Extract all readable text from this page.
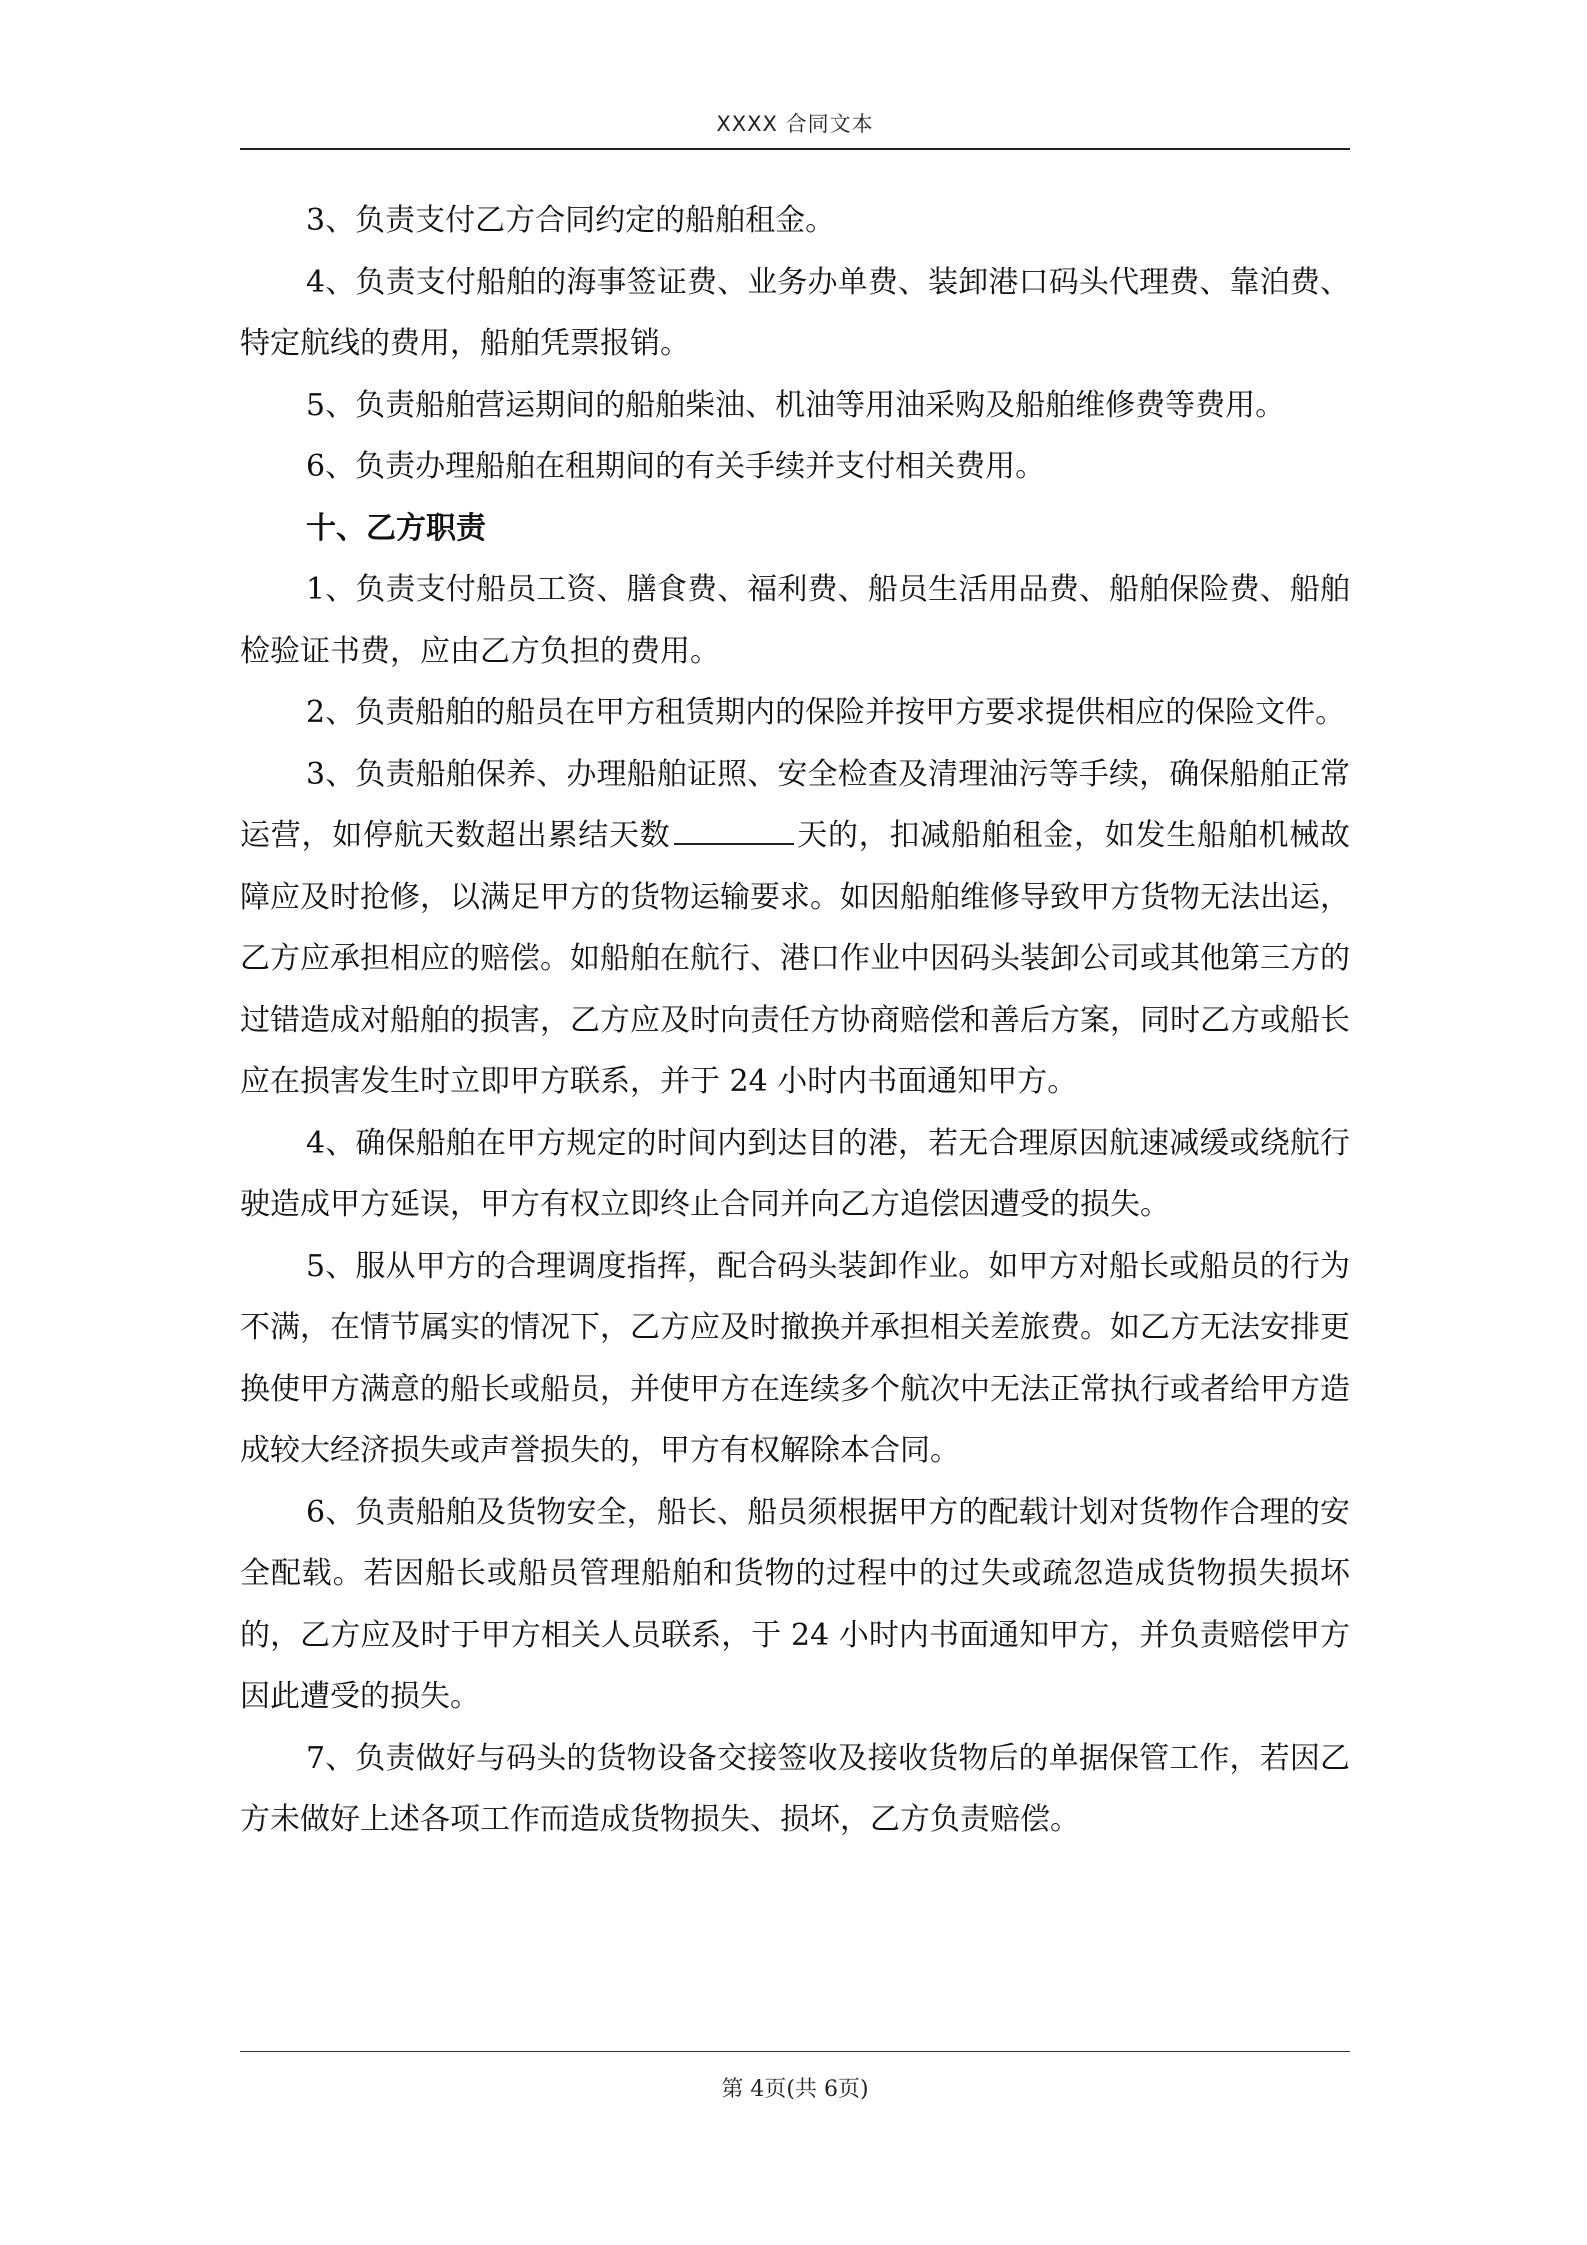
XXXX 合同文本

3、负责支付乙方合同约定的船舶租金。

4、负责支付船舶的海事签证费、业务办单费、装卸港口码头代理费、靠泊费、特定航线的费用，船舶凭票报销。

5、负责船舶营运期间的船舶柴油、机油等用油采购及船舶维修费等费用。

6、负责办理船舶在租期间的有关手续并支付相关费用。

十、乙方职责

1、负责支付船员工资、膳食费、福利费、船员生活用品费、船舶保险费、船舶检验证书费，应由乙方负担的费用。

2、负责船舶的船员在甲方租赁期内的保险并按甲方要求提供相应的保险文件。

3、负责船舶保养、办理船舶证照、安全检查及清理油污等手续，确保船舶正常运营，如停航天数超出累结天数	天的，扣减船舶租金，如发生船舶机械故障应及时抢修，以满足甲方的货物运输要求。如因船舶维修导致甲方货物无法出运，乙方应承担相应的赔偿。如船舶在航行、港口作业中因码头装卸公司或其他第三方的过错造成对船舶的损害，乙方应及时向责任方协商赔偿和善后方案，同时乙方或船长应在损害发生时立即甲方联系，并于 24 小时内书面通知甲方。

4、确保船舶在甲方规定的时间内到达目的港，若无合理原因航速减缓或绕航行驶造成甲方延误，甲方有权立即终止合同并向乙方追偿因遭受的损失。

5、服从甲方的合理调度指挥，配合码头装卸作业。如甲方对船长或船员的行为不满，在情节属实的情况下，乙方应及时撤换并承担相关差旅费。如乙方无法安排更换使甲方满意的船长或船员，并使甲方在连续多个航次中无法正常执行或者给甲方造成较大经济损失或声誉损失的，甲方有权解除本合同。

6、负责船舶及货物安全，船长、船员须根据甲方的配载计划对货物作合理的安全配载。若因船长或船员管理船舶和货物的过程中的过失或疏忽造成货物损失损坏的，乙方应及时于甲方相关人员联系，于 24 小时内书面通知甲方，并负责赔偿甲方因此遭受的损失。

7、负责做好与码头的货物设备交接签收及接收货物后的单据保管工作，若因乙方未做好上述各项工作而造成货物损失、损坏，乙方负责赔偿。

第 4页(共 6页)
